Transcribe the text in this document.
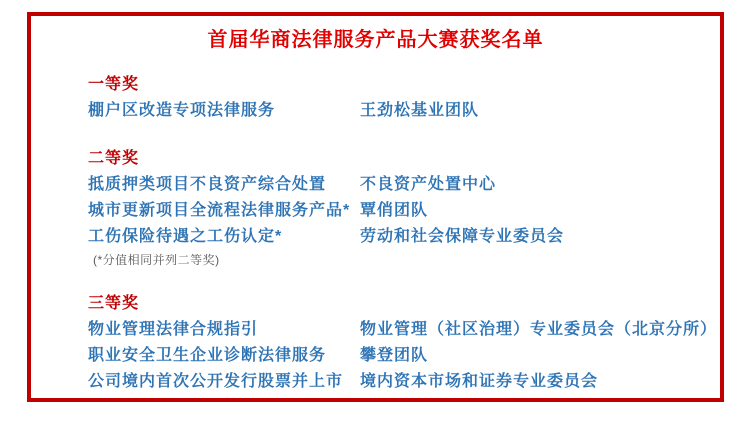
首届华商法律服务产品大赛获奖名单
一等奖
棚户区改造专项法律服务	王劲松基业团队
二等奖
抵质押类项目不良资产综合处置	不良资产处置中心
城市更新项目全流程法律服务产品* 覃俏团队
工伤保险待遇之工伤认定*	劳动和社会保障专业委员会
(*分值相同并列二等奖)
三等奖
物业管理法律合规指引	物业管理（社区治理）专业委员会（北京分所）
职业安全卫生企业诊断法律服务	攀登团队
公司境内首次公开发行股票并上市	境内资本市场和证券专业委员会
